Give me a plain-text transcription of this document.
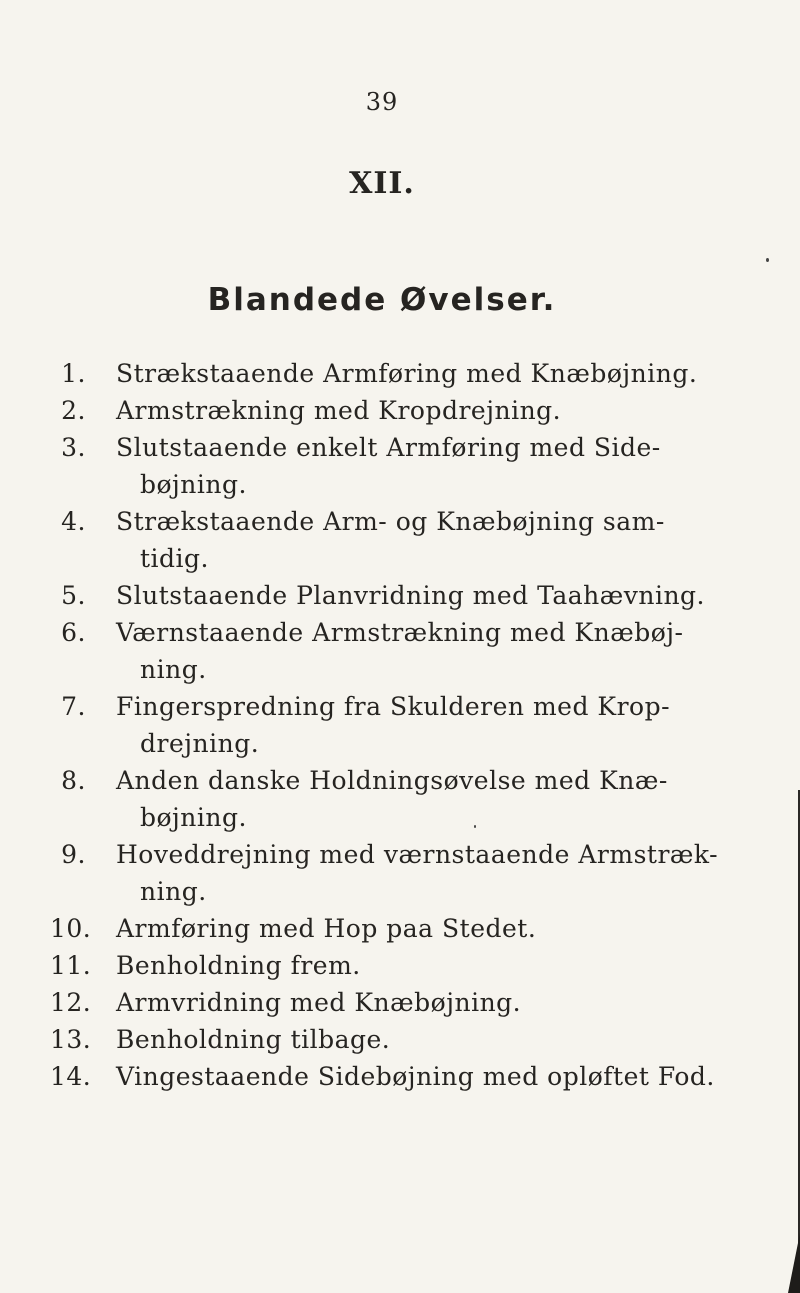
39
XII.
Blandede Øvelser.
1.	Strækstaaende Armføring med Knæbøjning.
2.	Armstrækning med Kropdrejning.
3.	Slutstaaende enkelt Armføring med Side-
bøjning.
4.	Strækstaaende Arm- og Knæbøjning sam-
tidig.
5.	Slutstaaende Planvridning med Taahævning.
6.	Værnstaaende Armstrækning med Knæbøj-
ning.
7.	Fingerspredning fra Skulderen med Krop-
drejning.
8.	Anden danske Holdningsøvelse med Knæ-
bøjning.
9.	Hoveddrejning med værnstaaende Armstræk-
ning.
10. Armføring med Hop paa Stedet.
11. Benholdning frem.
12. Armvridning med Knæbøjning.
13. Benholdning tilbage.
14. Vingestaaende Sidebøjning med opløftet Fod.
